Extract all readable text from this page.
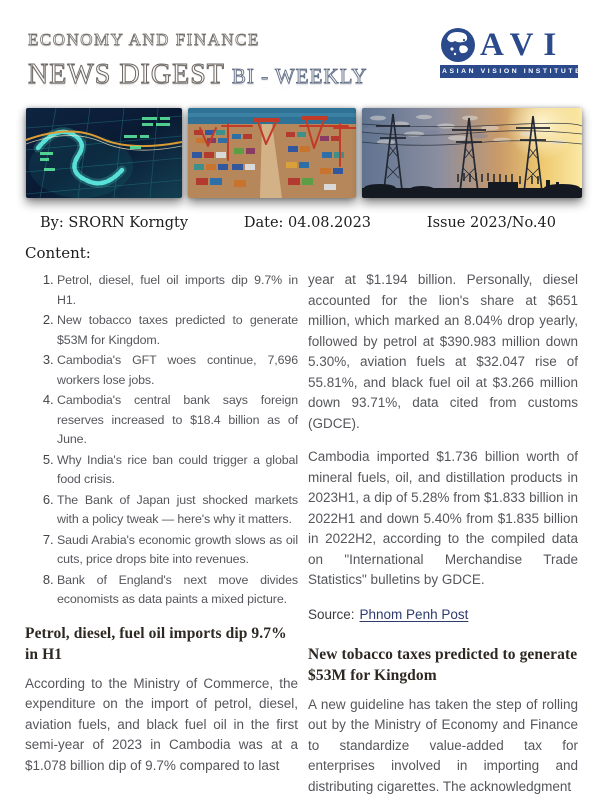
ECONOMY AND FINANCE
NEWS DIGEST BI - WEEKLY
AVI
ASIAN VISION INSTITUTE
By: SRORN Korngty	Date: 04.08.2023	Issue 2023/No.40
Content:
1. Petrol, diesel, fuel oil imports dip 9.7% in H1.
2. New tobacco taxes predicted to generate $53M for Kingdom.
3. Cambodia's GFT woes continue, 7,696 workers lose jobs.
4. Cambodia's central bank says foreign reserves increased to $18.4 billion as of June.
5. Why India's rice ban could trigger a global food crisis.
6. The Bank of Japan just shocked markets with a policy tweak — here's why it matters.
7. Saudi Arabia's economic growth slows as oil cuts, price drops bite into revenues.
8. Bank of England's next move divides economists as data paints a mixed picture.
Petrol, diesel, fuel oil imports dip 9.7% in H1

According to the Ministry of Commerce, the expenditure on the import of petrol, diesel, aviation fuels, and black fuel oil in the first semi-year of 2023 in Cambodia was at a $1.078 billion dip of 9.7% compared to last

year at $1.194 billion. Personally, diesel accounted for the lion's share at $651 million, which marked an 8.04% drop yearly, followed by petrol at $390.983 million down 5.30%, aviation fuels at $32.047 rise of 55.81%, and black fuel oil at $3.266 million down 93.71%, data cited from customs (GDCE).

Cambodia imported $1.736 billion worth of mineral fuels, oil, and distillation products in 2023H1, a dip of 5.28% from $1.833 billion in 2022H1 and down 5.40% from $1.835 billion in 2022H2, according to the compiled data on "International Merchandise Trade Statistics" bulletins by GDCE.

Source: Phnom Penh Post
New tobacco taxes predicted to generate $53M for Kingdom

A new guideline has taken the step of rolling out by the Ministry of Economy and Finance to standardize value-added tax for enterprises involved in importing and distributing cigarettes. The acknowledgment
